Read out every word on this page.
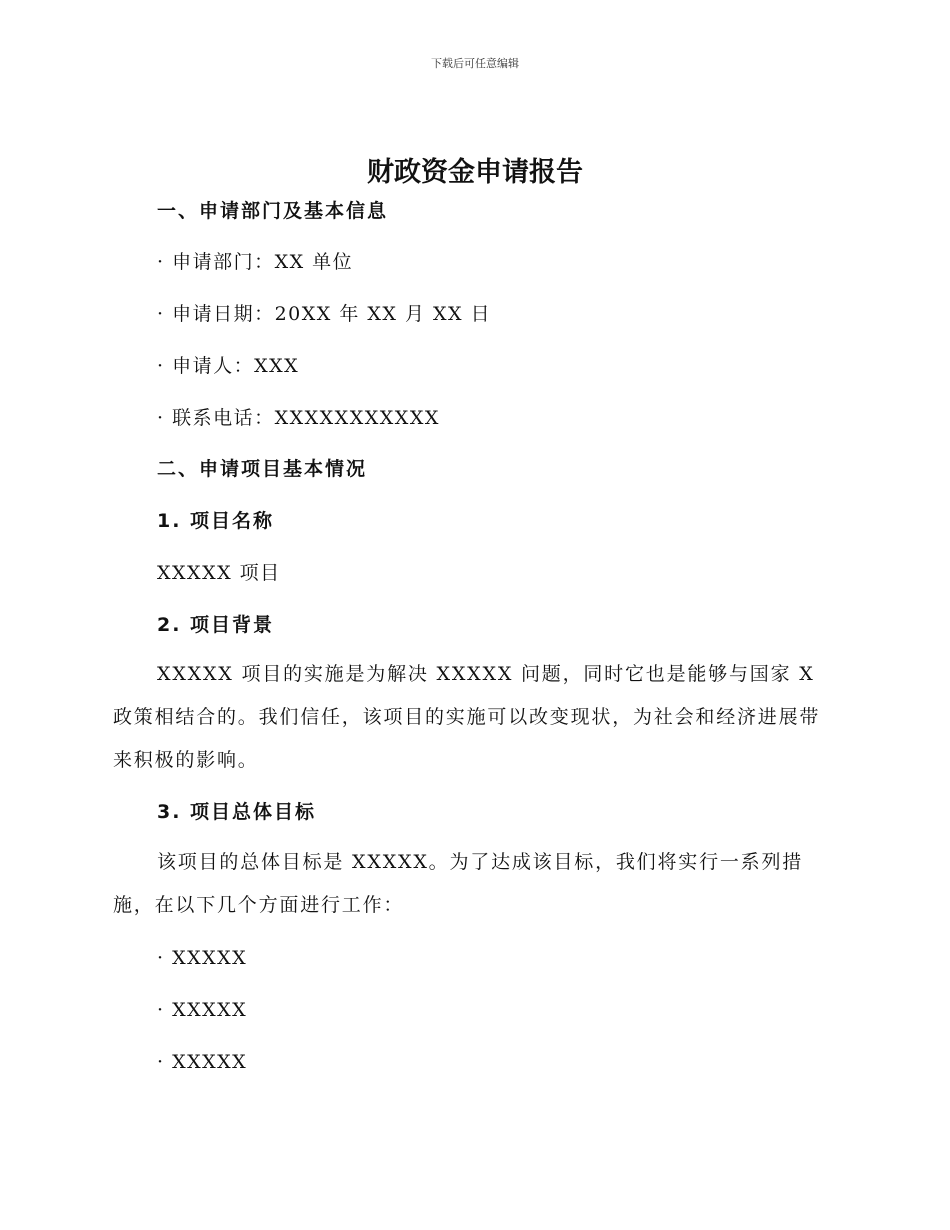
下载后可任意编辑
财政资金申请报告
一、申请部门及基本信息
· 申请部门：XX 单位
· 申请日期：20XX 年 XX 月 XX 日
· 申请人：XXX
· 联系电话：XXXXXXXXXXX
二、申请项目基本情况
1. 项目名称
XXXXX 项目
2. 项目背景

XXXXX 项目的实施是为解决 XXXXX 问题，同时它也是能够与国家 X 政策相结合的。我们信任，该项目的实施可以改变现状，为社会和经济进展带来积极的影响。

3. 项目总体目标

该项目的总体目标是 XXXXX。为了达成该目标，我们将实行一系列措施，在以下几个方面进行工作：

· XXXXX
· XXXXX
· XXXXX
